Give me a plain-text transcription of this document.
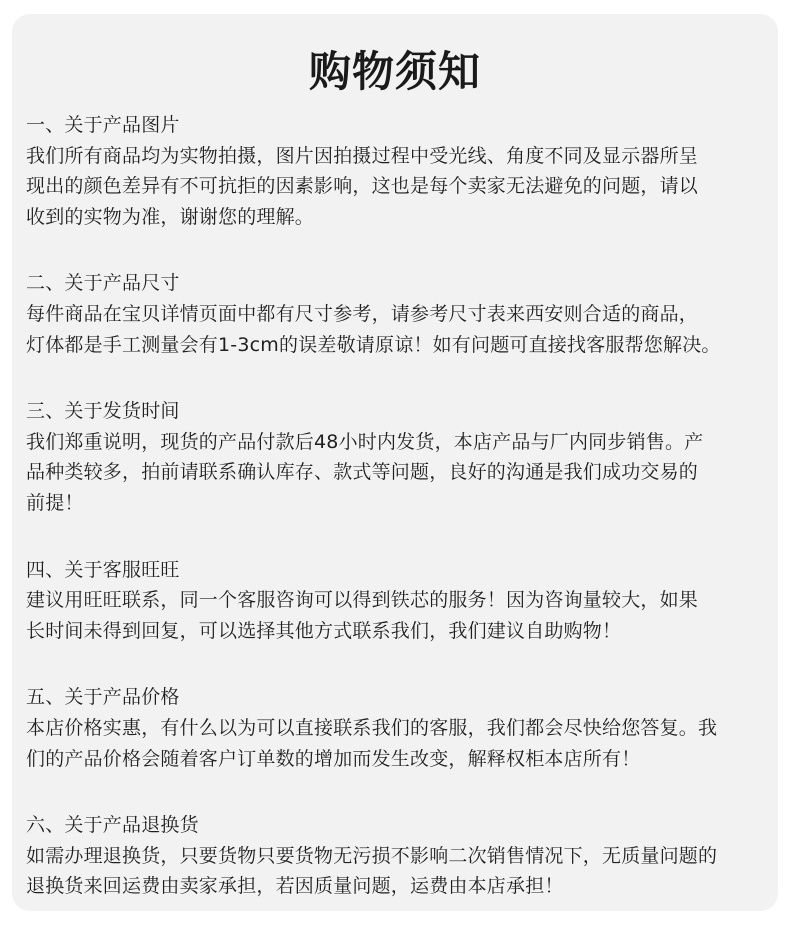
购物须知
一、关于产品图片
我们所有商品均为实物拍摄，图片因拍摄过程中受光线、角度不同及显示器所呈
现出的颜色差异有不可抗拒的因素影响，这也是每个卖家无法避免的问题，请以
收到的实物为准，谢谢您的理解。
二、关于产品尺寸
每件商品在宝贝详情页面中都有尺寸参考，请参考尺寸表来西安则合适的商品，
灯体都是手工测量会有1-3cm的误差敬请原谅！如有问题可直接找客服帮您解决。
三、关于发货时间
我们郑重说明，现货的产品付款后48小时内发货，本店产品与厂内同步销售。产
品种类较多，拍前请联系确认库存、款式等问题，良好的沟通是我们成功交易的
前提！
四、关于客服旺旺
建议用旺旺联系，同一个客服咨询可以得到铁芯的服务！因为咨询量较大，如果
长时间未得到回复，可以选择其他方式联系我们，我们建议自助购物！
五、关于产品价格
本店价格实惠，有什么以为可以直接联系我们的客服，我们都会尽快给您答复。我
们的产品价格会随着客户订单数的增加而发生改变，解释权柜本店所有！
六、关于产品退换货
如需办理退换货，只要货物只要货物无污损不影响二次销售情况下，无质量问题的
退换货来回运费由卖家承担，若因质量问题，运费由本店承担！
